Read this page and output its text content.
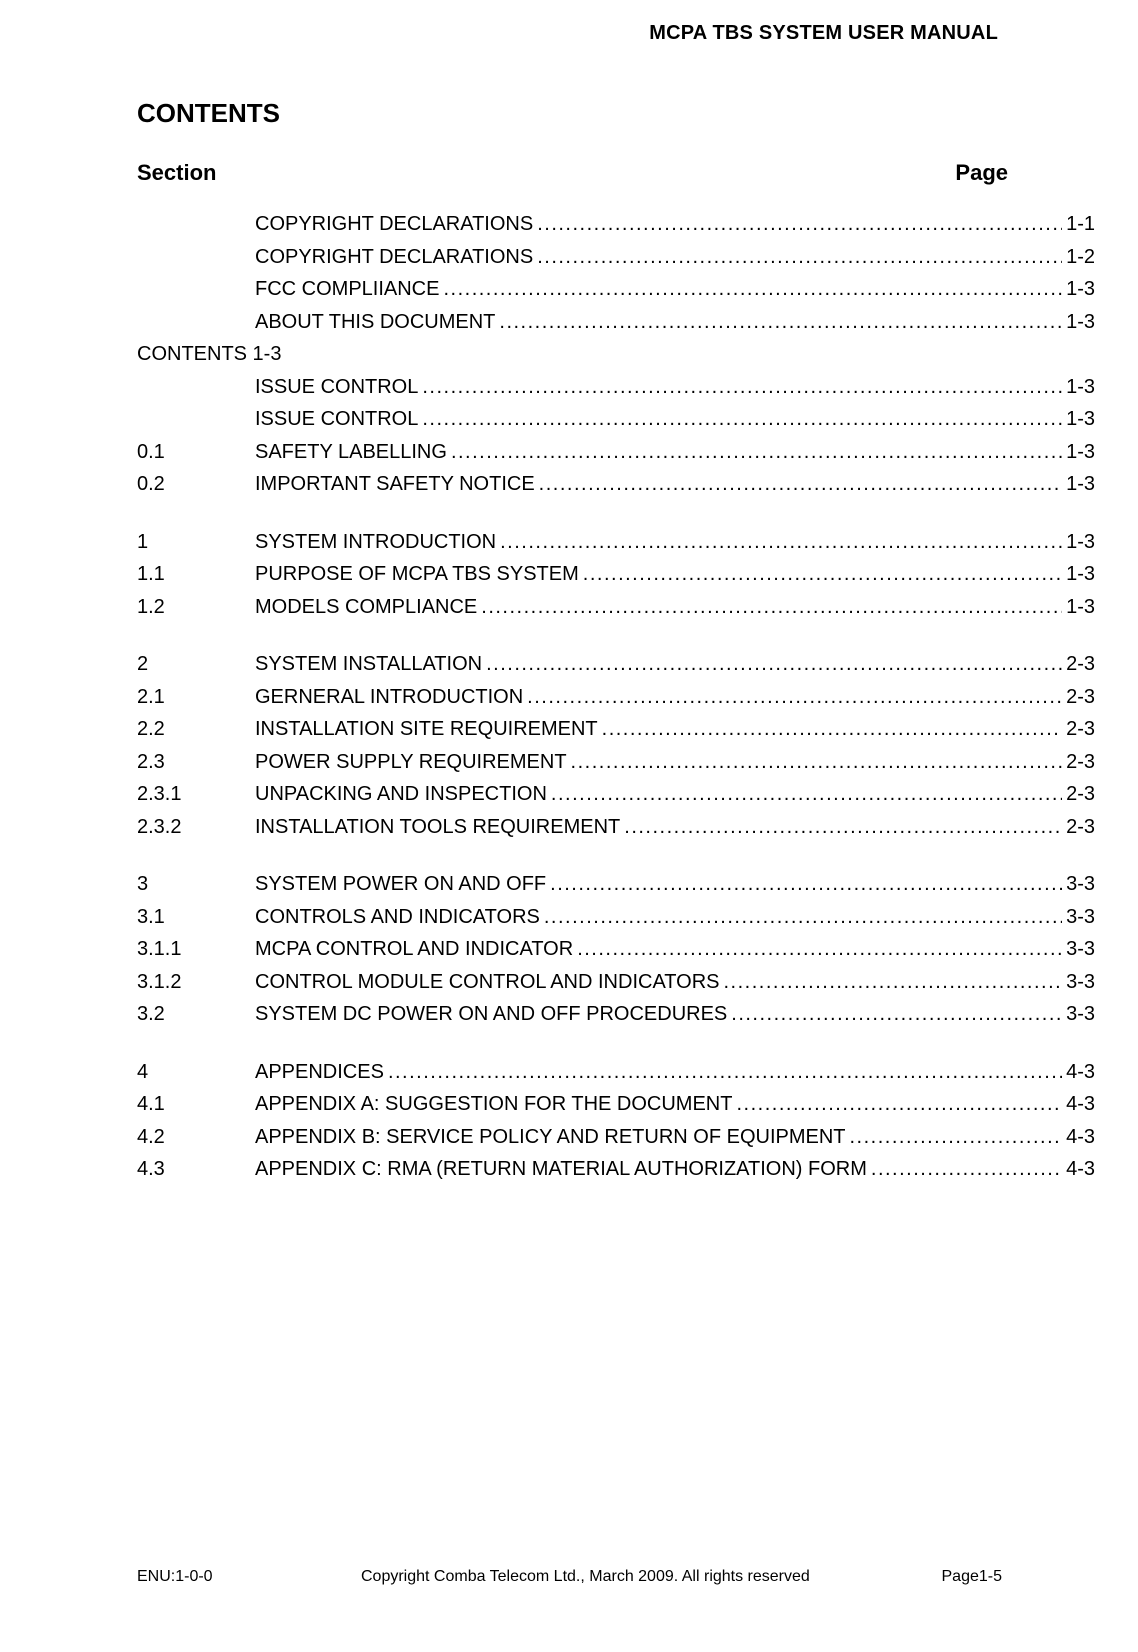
MCPA TBS SYSTEM USER MANUAL
CONTENTS
Section	Page
COPYRIGHT DECLARATIONS .....	1-1
COPYRIGHT DECLARATIONS .....	1-2
FCC COMPLIIANCE .....	1-3
ABOUT THIS DOCUMENT .....	1-3
CONTENTS 1-3
ISSUE CONTROL .....	1-3
ISSUE CONTROL .....	1-3
0.1	SAFETY LABELLING .....	1-3
0.2	IMPORTANT SAFETY NOTICE .....	1-3
1	SYSTEM INTRODUCTION .....	1-3
1.1	PURPOSE OF MCPA TBS SYSTEM .....	1-3
1.2	MODELS COMPLIANCE .....	1-3
2	SYSTEM INSTALLATION .....	2-3
2.1	GERNERAL INTRODUCTION .....	2-3
2.2	INSTALLATION SITE REQUIREMENT .....	2-3
2.3	POWER SUPPLY REQUIREMENT .....	2-3
2.3.1	UNPACKING AND INSPECTION .....	2-3
2.3.2	INSTALLATION TOOLS REQUIREMENT .....	2-3
3	SYSTEM POWER ON AND OFF .....	3-3
3.1	CONTROLS AND INDICATORS .....	3-3
3.1.1	MCPA CONTROL AND INDICATOR .....	3-3
3.1.2	CONTROL MODULE CONTROL AND INDICATORS .....	3-3
3.2	SYSTEM DC POWER ON AND OFF PROCEDURES .....	3-3
4	APPENDICES .....	4-3
4.1	APPENDIX A: SUGGESTION FOR THE DOCUMENT .....	4-3
4.2	APPENDIX B: SERVICE POLICY AND RETURN OF EQUIPMENT .....	4-3
4.3	APPENDIX C: RMA (RETURN MATERIAL AUTHORIZATION) FORM .....	4-3
ENU:1-0-0	Copyright Comba Telecom Ltd., March 2009. All rights reserved	Page1-5
